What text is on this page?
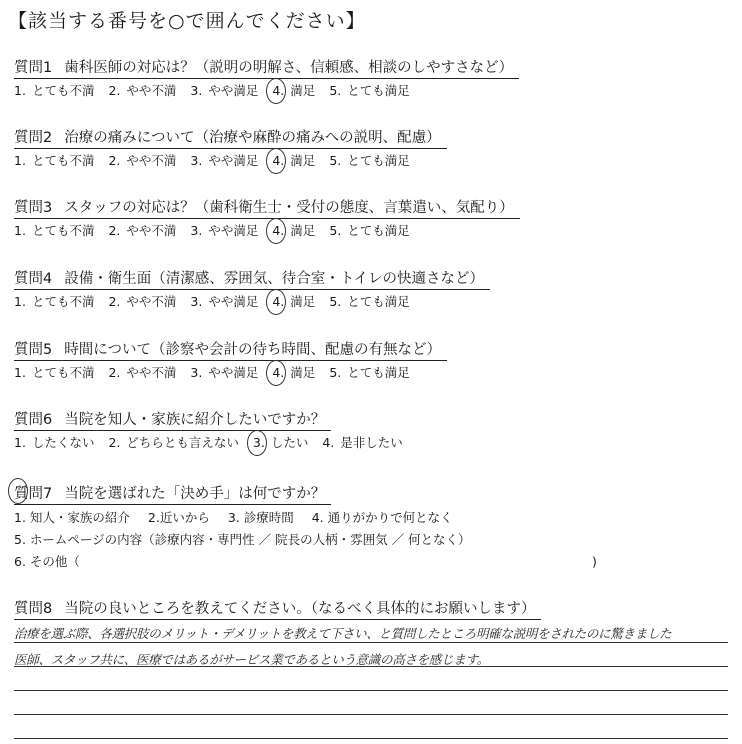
【該当する番号を○で囲んでください】
質問1 歯科医師の対応は？（説明の明解さ、信頼感、相談のしやすさなど）
1. とても不満 2. やや不満 3. やや満足 4. 満足 5. とても満足
質問2 治療の痛みについて（治療や麻酔の痛みへの説明、配慮）
1. とても不満 2. やや不満 3. やや満足 4. 満足 5. とても満足
質問3 スタッフの対応は？（歯科衛生士・受付の態度、言葉遣い、気配り）
1. とても不満 2. やや不満 3. やや満足 4. 満足 5. とても満足
質問4 設備・衛生面（清潔感、雰囲気、待合室・トイレの快適さなど）
1. とても不満 2. やや不満 3. やや満足 4. 満足 5. とても満足
質問5 時間について（診察や会計の待ち時間、配慮の有無など）
1. とても不満 2. やや不満 3. やや満足 4. 満足 5. とても満足
質問6 当院を知人・家族に紹介したいですか？
1. したくない 2. どちらとも言えない 3. したい 4. 是非したい
質問7 当院を選ばれた「決め手」は何ですか？
1. 知人・家族の紹介 2.近いから 3. 診療時間 4. 通りがかりで何となく
5. ホームページの内容（診療内容・専門性 ／ 院長の人柄・雰囲気 ／ 何となく）
6. その他（	)
質問8 当院の良いところを教えてください。（なるべく具体的にお願いします）
治療を選ぶ際、各選択肢のメリット・デメリットを教えて下さい、と質問したところ明確な説明をされたのに驚きました
医師、スタッフ共に、医療ではあるがサービス業であるという意識の高さを感じます。
